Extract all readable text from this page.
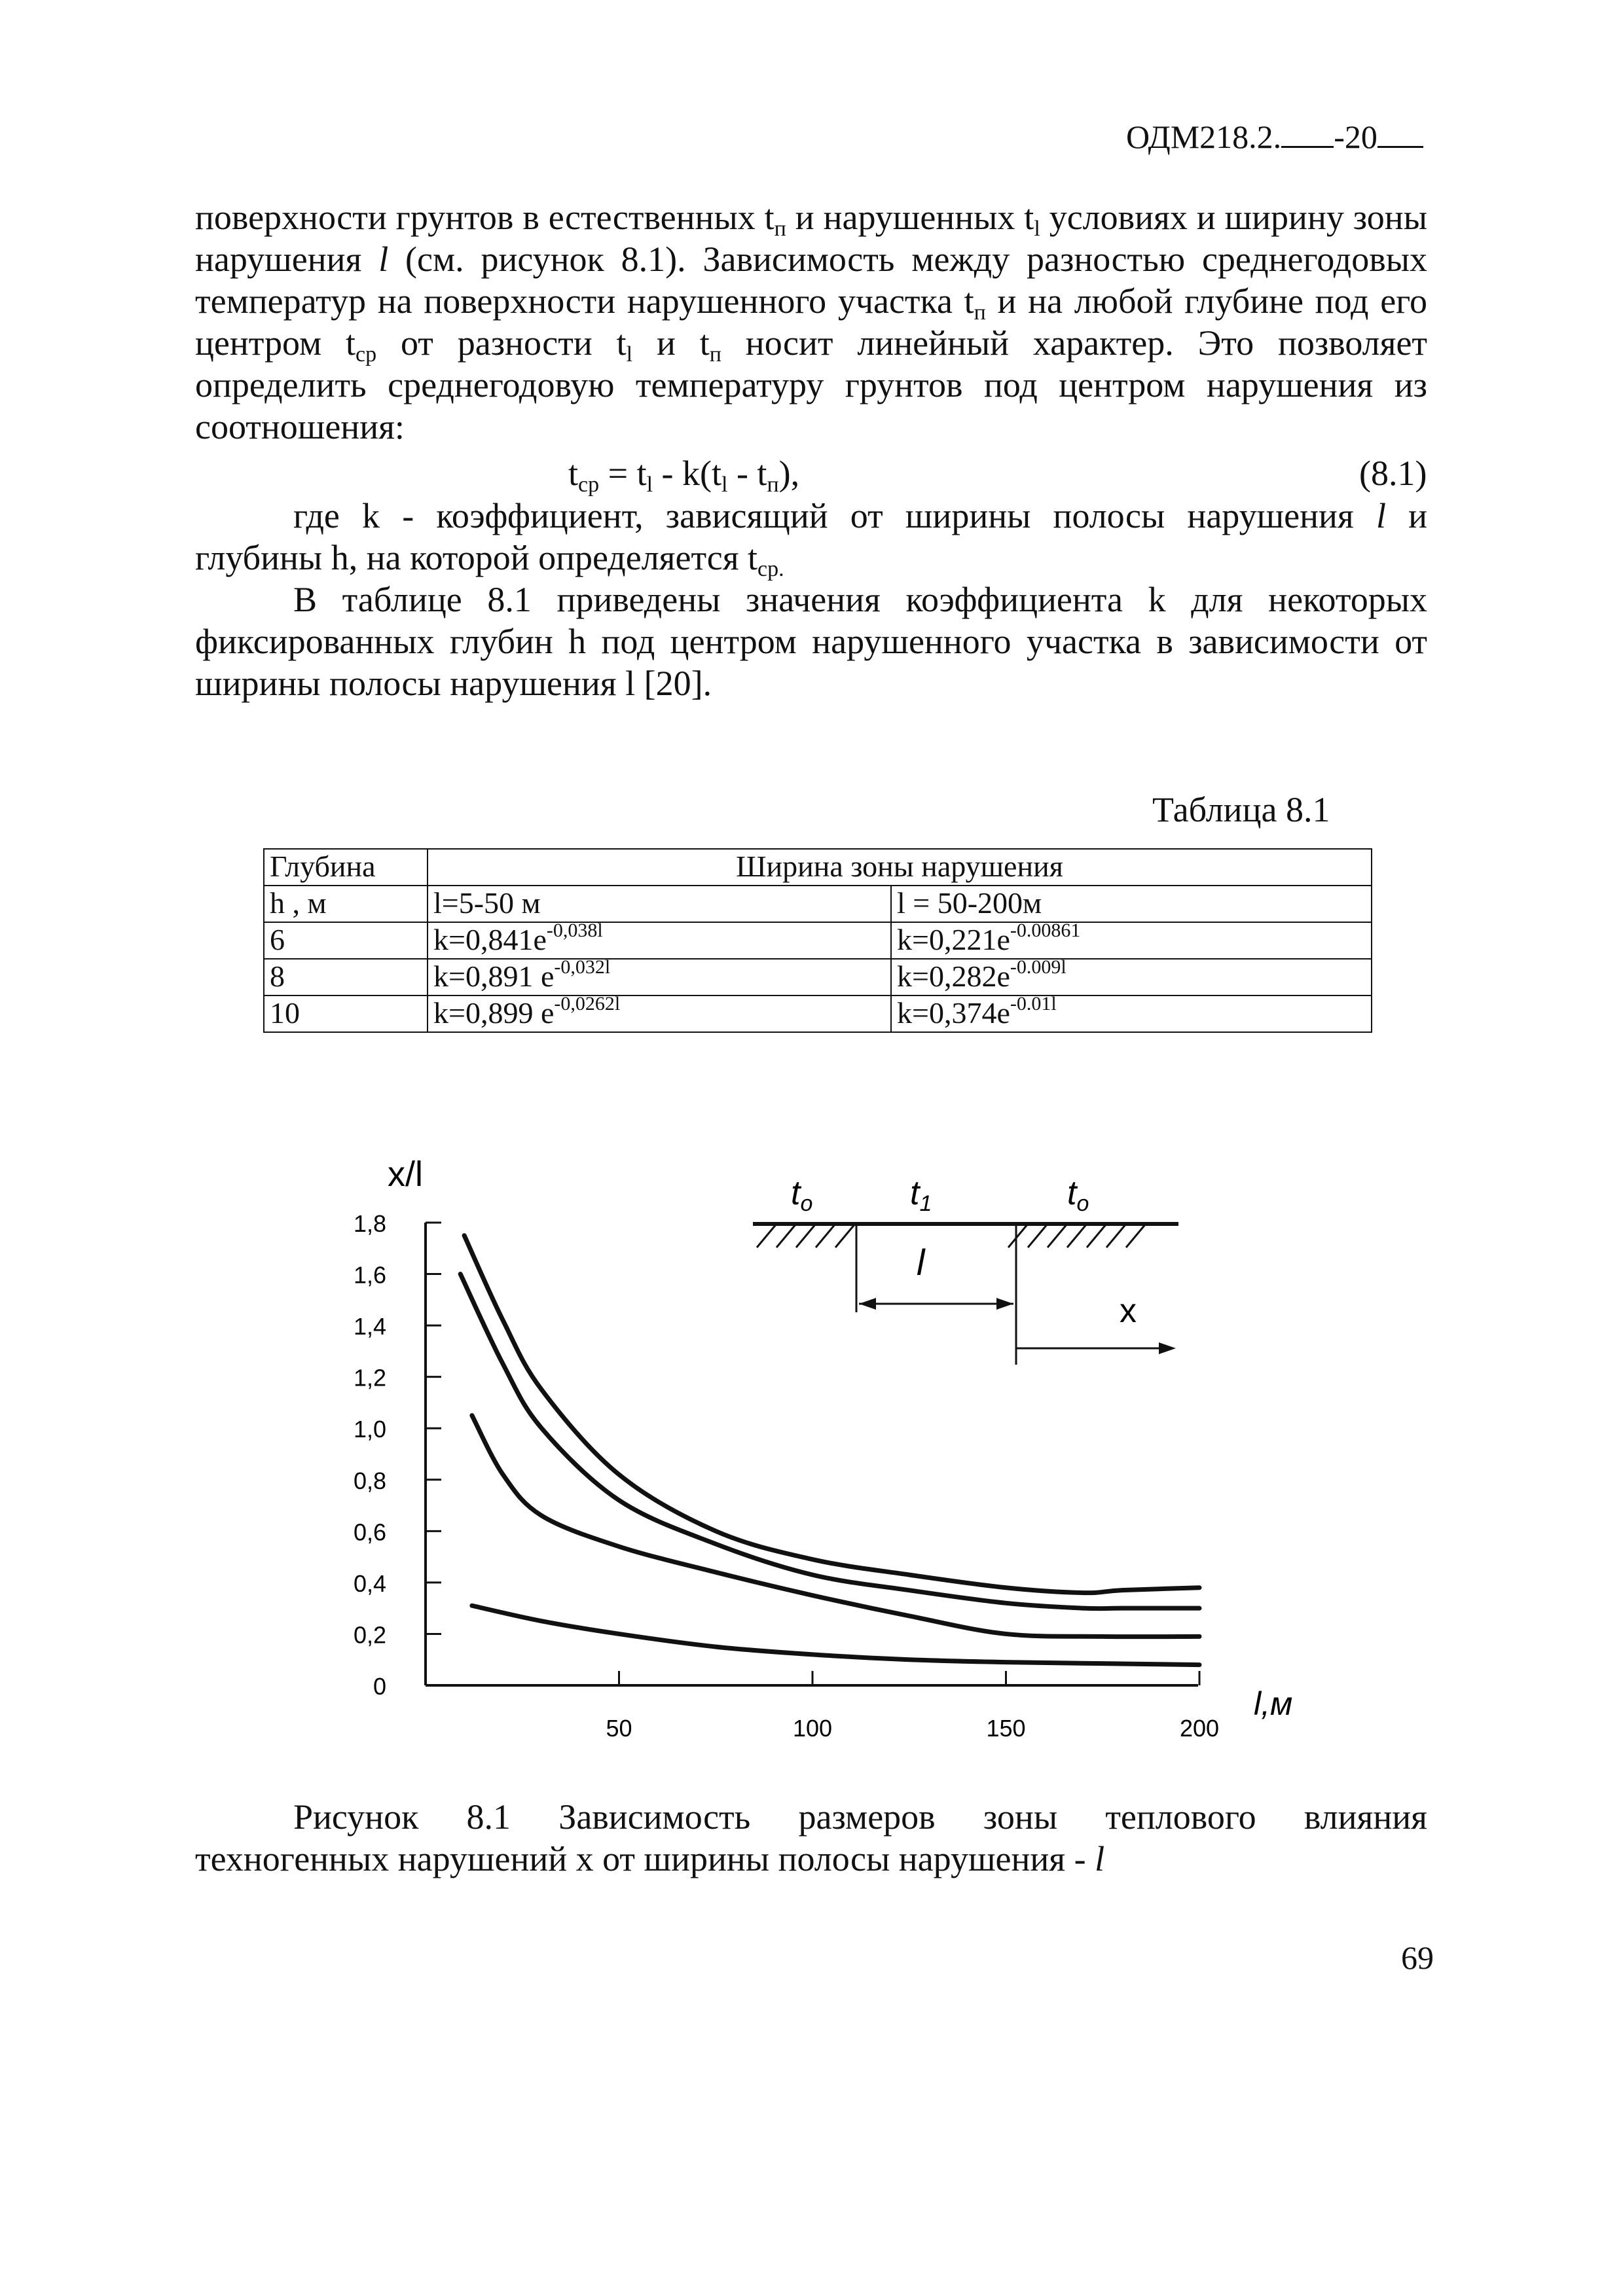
ОДМ218.2. -20
поверхности грунтов в естественных $t_п$ и нарушенных $t_l$ условиях и ширину зоны нарушения l (см. рисунок 8.1). Зависимость между разностью среднегодовых температур на поверхности нарушенного участка $t_п$ и на любой глубине под его центром $t_{ср}$ от разности $t_l$ и $t_п$ носит линейный характер. Это позволяет определить среднегодовую температуру грунтов под центром нарушения из соотношения:
$t_{ср} = t_l - k(t_l - t_п)$,	(8.1)
где k - коэффициент, зависящий от ширины полосы нарушения l и глубины h, на которой определяется $t_{ср.}$
В таблице 8.1 приведены значения коэффициента k для некоторых фиксированных глубин h под центром нарушенного участка в зависимости от ширины полосы нарушения l [20].
Таблица 8.1
Глубина	Ширина зоны нарушения	
h , м	l=5-50 м	l = 50-200м
6	$k=0,841e^{-0,038l}$	$k=0,221e^{-0.00861}$
8	k=0,891 $e^{-0,032l}$	$k=0,282e^{-0.009l}$
10	k=0,899 $e^{-0,0262l}$	$k=0,374e^{-0.01l}$
x/l
l,м
0
0,2
0,4
0,6
0,8
1,0
1,2
1,4
1,6
1,8
50	100	150	200
to	t1	to
l
x
Рисунок 8.1 Зависимость размеров зоны теплового влияния
техногенных нарушений х от ширины полосы нарушения - l
69
